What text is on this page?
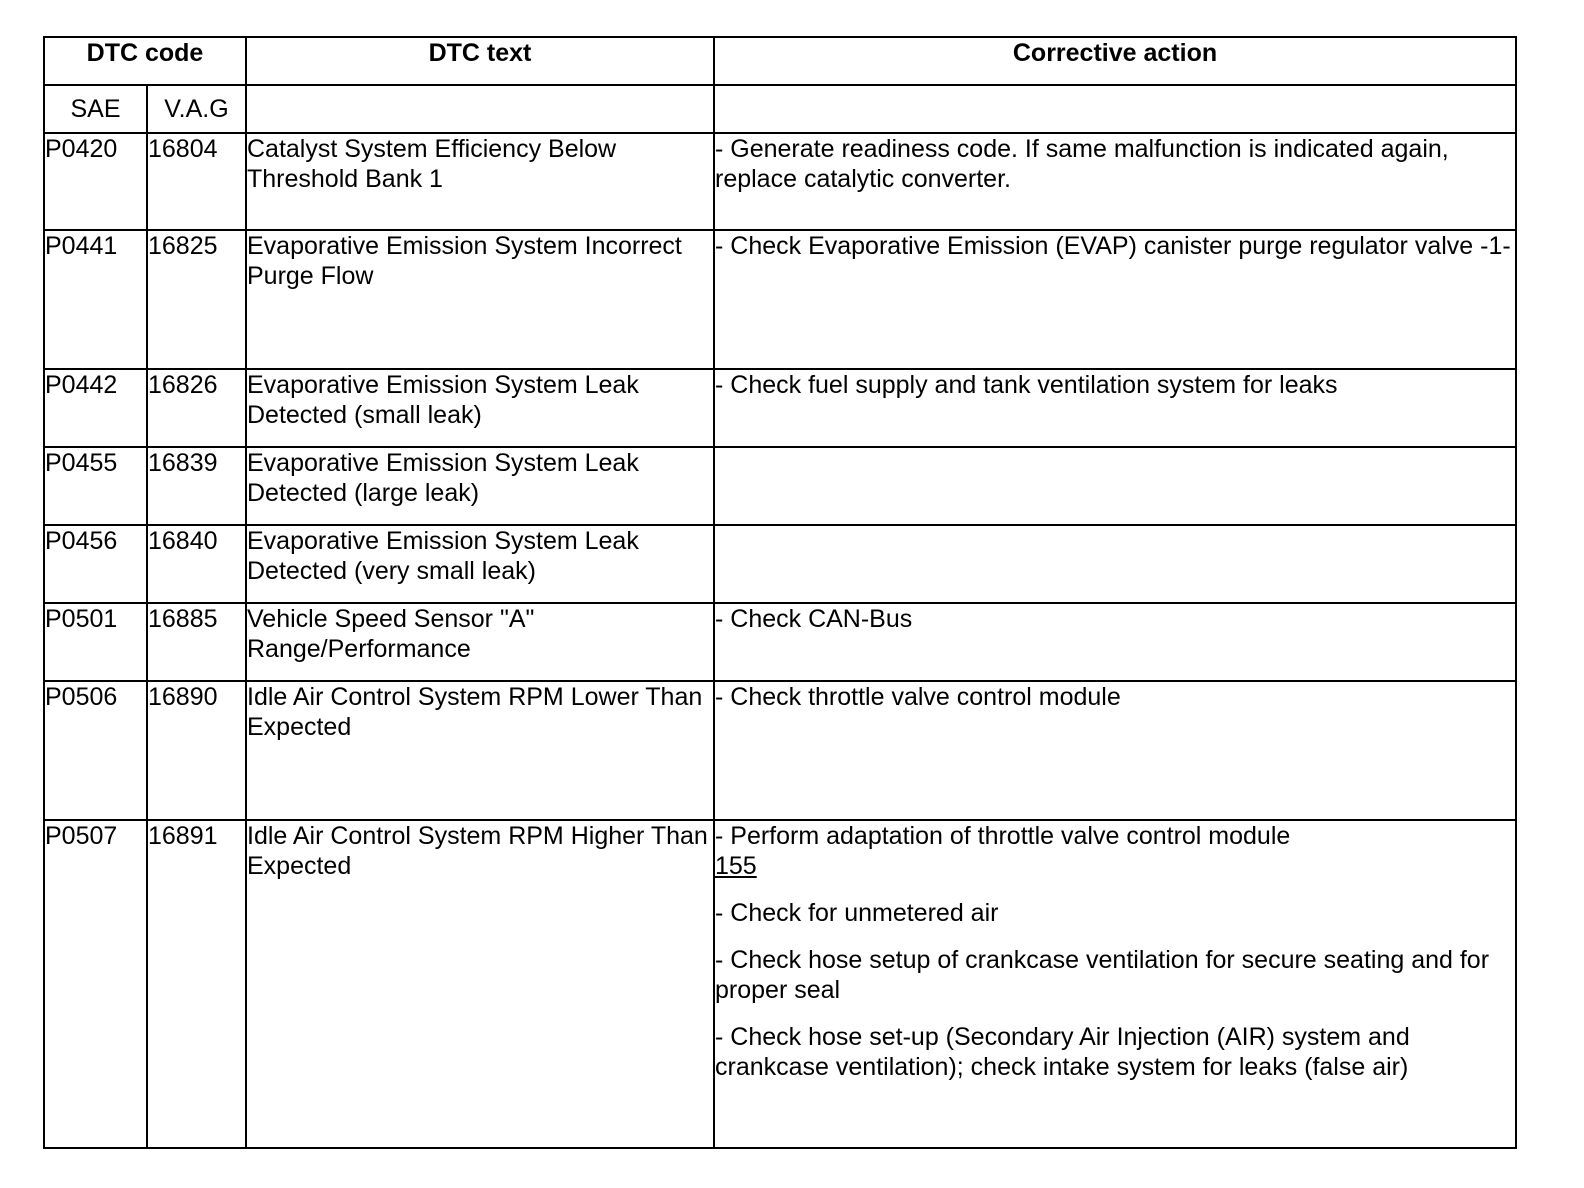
DTC code		DTC text	Corrective action
SAE	V.A.G		
P0420	16804	Catalyst System Efficiency Below Threshold Bank 1	- Generate readiness code. If same malfunction is indicated again, replace catalytic converter.

P0441	16825	Evaporative Emission System Incorrect Purge Flow	- Check Evaporative Emission (EVAP) canister purge regulator valve -1-

P0442	16826	Evaporative Emission System Leak Detected (small leak)	- Check fuel supply and tank ventilation system for leaks

P0455	16839	Evaporative Emission System Leak Detected (large leak)	
P0456	16840	Evaporative Emission System Leak Detected (very small leak)	
P0501	16885	Vehicle Speed Sensor "A" Range/Performance	- Check CAN-Bus

P0506	16890	Idle Air Control System RPM Lower Than Expected	- Check throttle valve control module

P0507	16891	Idle Air Control System RPM Higher Than Expected	- Perform adaptation of throttle valve control module
155
- Check for unmetered air
- Check hose setup of crankcase ventilation for secure seating and for proper seal
- Check hose set-up (Secondary Air Injection (AIR) system and crankcase ventilation); check intake system for leaks (false air)
